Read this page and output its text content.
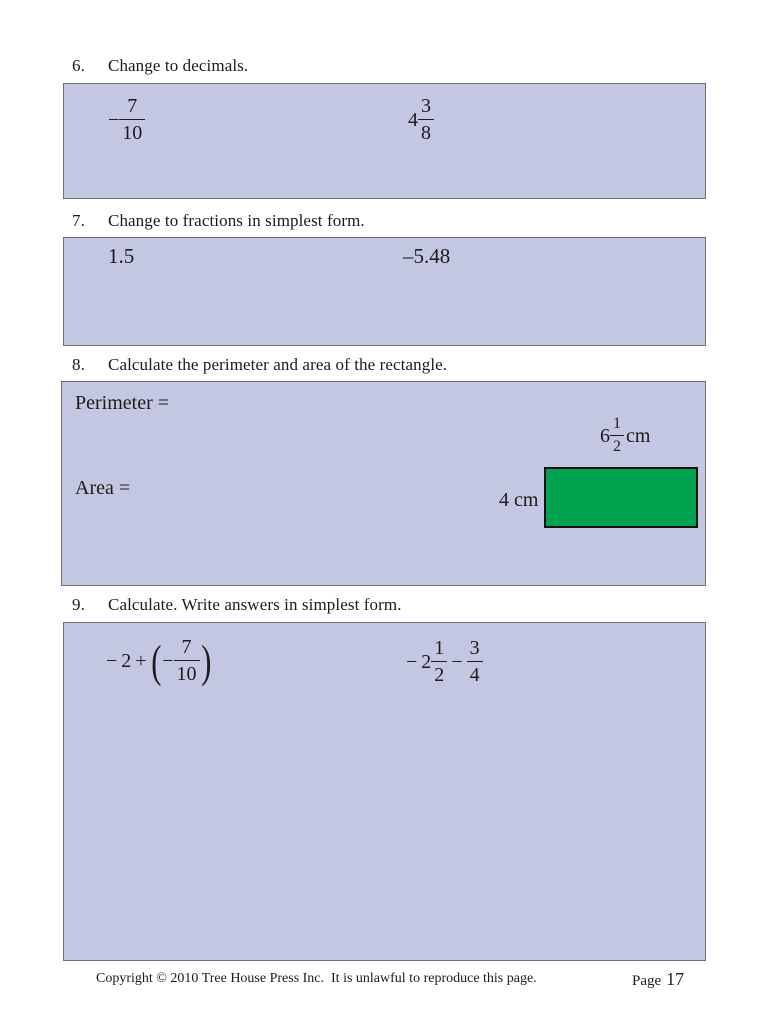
6.	Change to decimals.
− $\frac{7}{10}$	$4 \frac{3}{8}$
7.	Change to fractions in simplest form.
1.5	–5.48
8.	Calculate the perimeter and area of the rectangle.
Perimeter =
Area =
$6 \frac{1}{2}$ cm
4 cm
9.	Calculate. Write answers in simplest form.
− 2 + ( − $\frac{7}{10}$ )	− $2 \frac{1}{2} - \frac{3}{4}$
Copyright © 2010 Tree House Press Inc.  It is unlawful to reproduce this page.	Page 17
